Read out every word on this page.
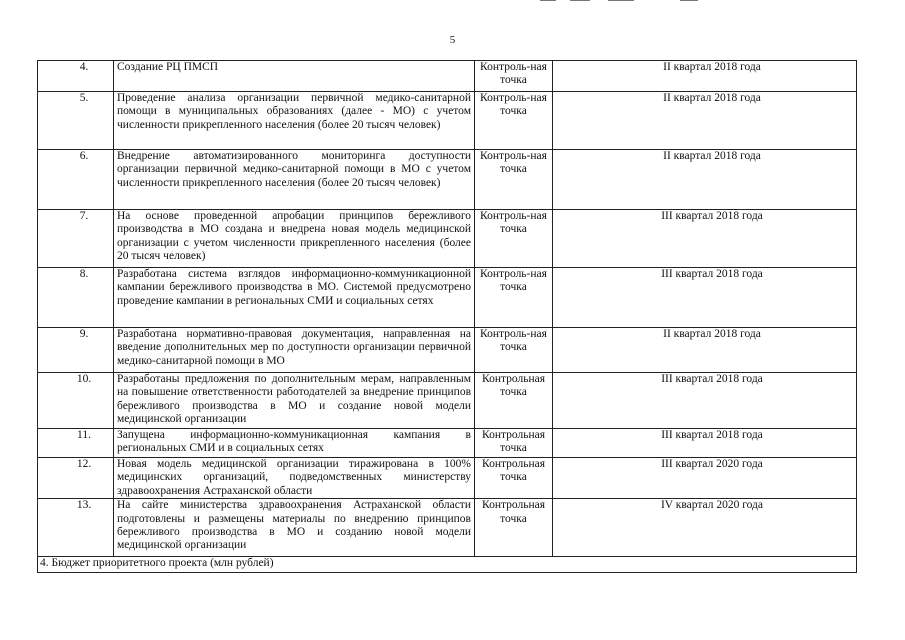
5
4.	Создание РЦ ПМСП	Контроль-ная точка	II квартал 2018 года
5.	Проведение анализа организации первичной медико-санитарной помощи в муниципальных образованиях (далее - МО) с учетом численности прикрепленного населения (более 20 тысяч человек)	Контроль-ная точка	II квартал 2018 года
6.	Внедрение автоматизированного мониторинга доступности организации первичной медико-санитарной помощи в МО с учетом численности прикрепленного населения (более 20 тысяч человек)	Контроль-ная точка	II квартал 2018 года
7.	На основе проведенной апробации принципов бережливого производства в МО создана и внедрена новая модель медицинской организации с учетом численности прикрепленного населения (более 20 тысяч человек)	Контроль-ная точка	III квартал 2018 года
8.	Разработана система взглядов информационно-коммуникационной кампании бережливого производства в МО. Системой предусмотрено проведение кампании в региональных СМИ и социальных сетях	Контроль-ная точка	III квартал 2018 года
9.	Разработана нормативно-правовая документация, направленная на введение дополнительных мер по доступности организации первичной медико-санитарной помощи в МО	Контроль-ная точка	II квартал 2018 года
10.	Разработаны предложения по дополнительным мерам, направленным на повышение ответственности работодателей за внедрение принципов бережливого производства в МО и создание новой модели медицинской организации	Контрольная точка	III квартал 2018 года
11.	Запущена информационно-коммуникационная кампания в региональных СМИ и в социальных сетях	Контрольная точка	III квартал 2018 года
12.	Новая модель медицинской организации тиражирована в 100% медицинских организаций, подведомственных министерству здравоохранения Астраханской области	Контрольная точка	III квартал 2020 года
13.	На сайте министерства здравоохранения Астраханской области подготовлены и размещены материалы по внедрению принципов бережливого производства в МО и созданию новой модели медицинской организации	Контрольная точка	IV квартал 2020 года
4. Бюджет приоритетного проекта (млн рублей)			
